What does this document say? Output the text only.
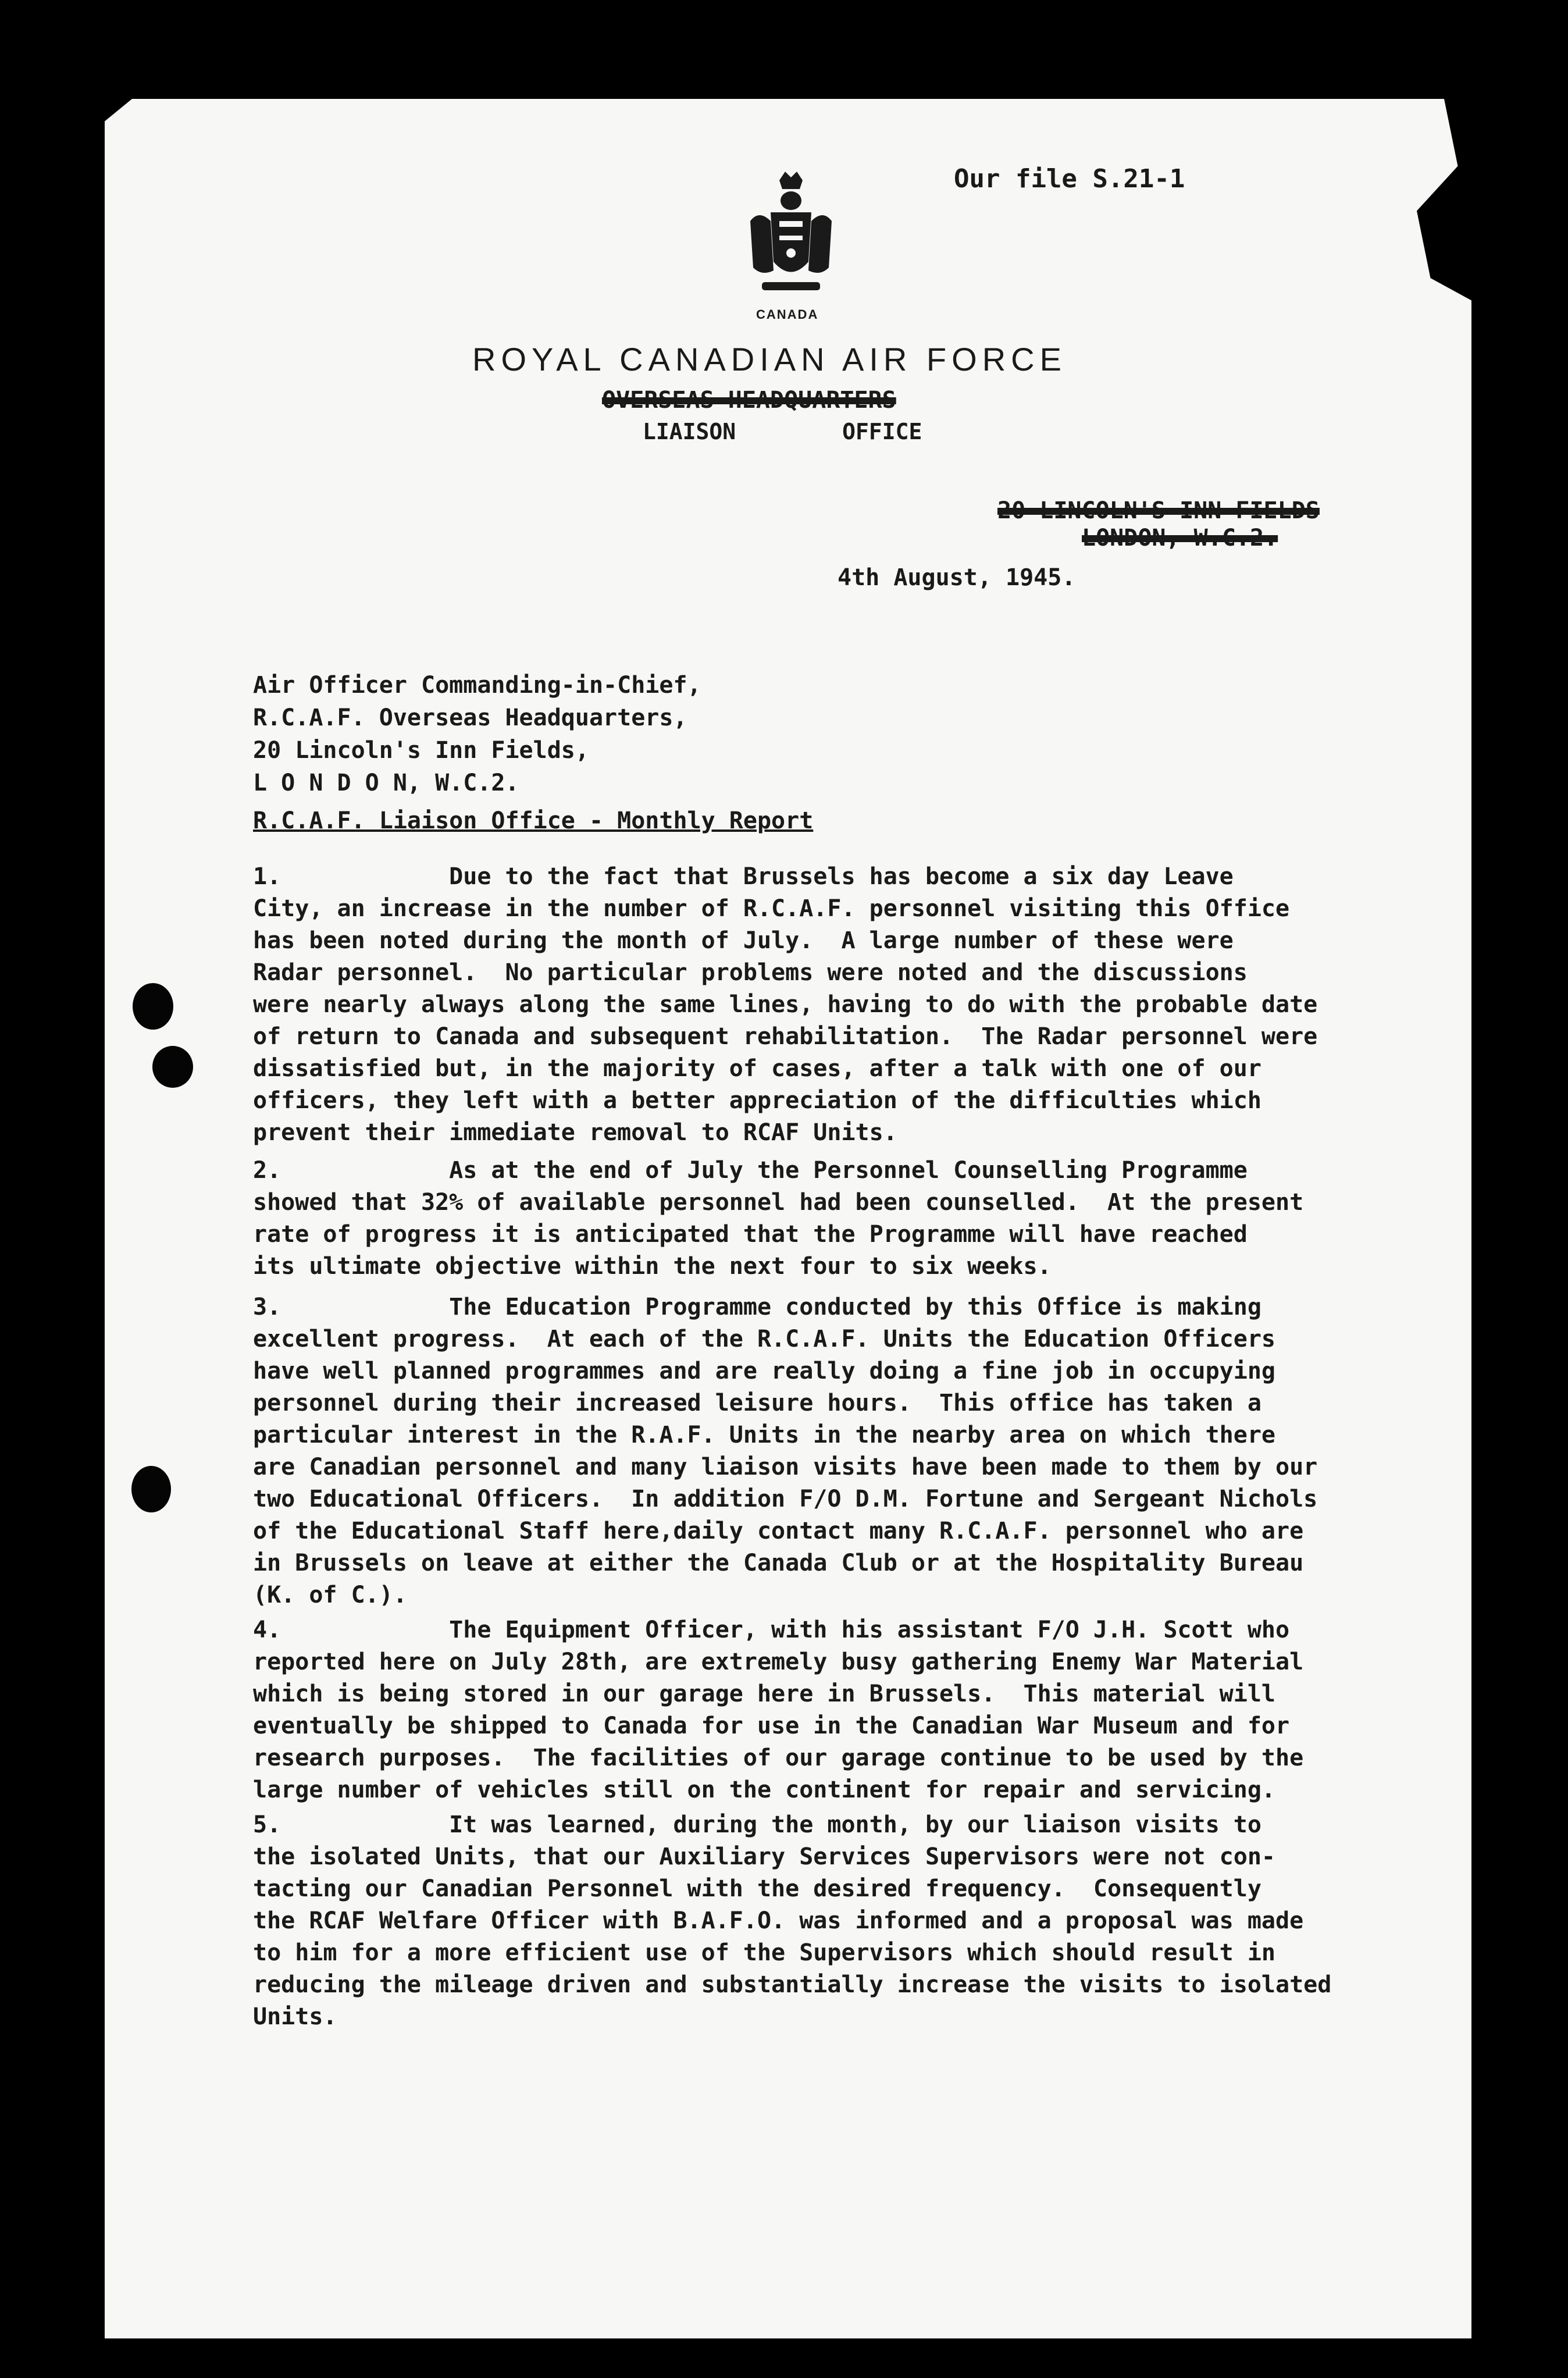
Our file S.21-1
CANADA
ROYAL CANADIAN AIR FORCE
OVERSEAS HEADQUARTERS
LIAISON        OFFICE
20 LINCOLN'S INN FIELDS
LONDON, W.C.2.
4th August, 1945.
Air Officer Commanding-in-Chief,
R.C.A.F. Overseas Headquarters,
20 Lincoln's Inn Fields,
L O N D O N, W.C.2.
R.C.A.F. Liaison Office - Monthly Report
1.            Due to the fact that Brussels has become a six day Leave
City, an increase in the number of R.C.A.F. personnel visiting this Office
has been noted during the month of July.  A large number of these were
Radar personnel.  No particular problems were noted and the discussions
were nearly always along the same lines, having to do with the probable date
of return to Canada and subsequent rehabilitation.  The Radar personnel were
dissatisfied but, in the majority of cases, after a talk with one of our
officers, they left with a better appreciation of the difficulties which
prevent their immediate removal to RCAF Units.
2.            As at the end of July the Personnel Counselling Programme
showed that 32% of available personnel had been counselled.  At the present
rate of progress it is anticipated that the Programme will have reached
its ultimate objective within the next four to six weeks.
3.            The Education Programme conducted by this Office is making
excellent progress.  At each of the R.C.A.F. Units the Education Officers
have well planned programmes and are really doing a fine job in occupying
personnel during their increased leisure hours.  This office has taken a
particular interest in the R.A.F. Units in the nearby area on which there
are Canadian personnel and many liaison visits have been made to them by our
two Educational Officers.  In addition F/O D.M. Fortune and Sergeant Nichols
of the Educational Staff here,daily contact many R.C.A.F. personnel who are
in Brussels on leave at either the Canada Club or at the Hospitality Bureau
(K. of C.).
4.            The Equipment Officer, with his assistant F/O J.H. Scott who
reported here on July 28th, are extremely busy gathering Enemy War Material
which is being stored in our garage here in Brussels.  This material will
eventually be shipped to Canada for use in the Canadian War Museum and for
research purposes.  The facilities of our garage continue to be used by the
large number of vehicles still on the continent for repair and servicing.
5.            It was learned, during the month, by our liaison visits to
the isolated Units, that our Auxiliary Services Supervisors were not con-
tacting our Canadian Personnel with the desired frequency.  Consequently
the RCAF Welfare Officer with B.A.F.O. was informed and a proposal was made
to him for a more efficient use of the Supervisors which should result in
reducing the mileage driven and substantially increase the visits to isolated
Units.
